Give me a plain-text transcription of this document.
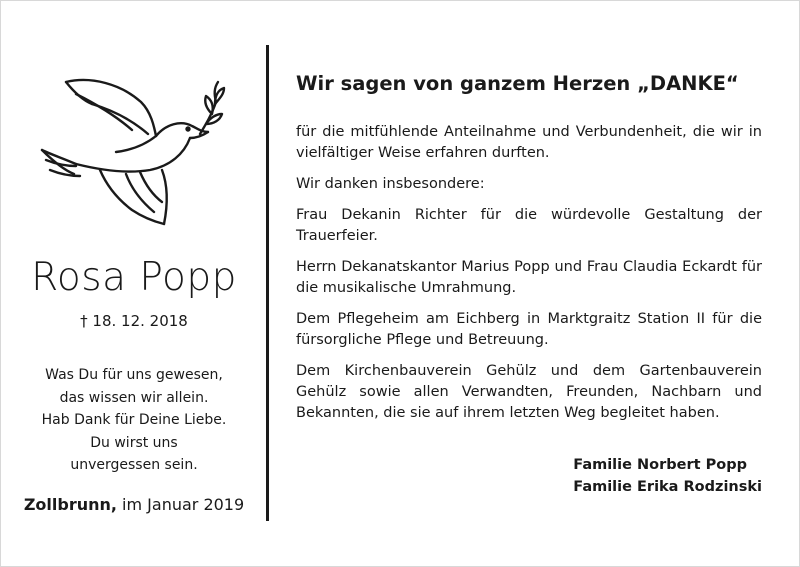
Rosa Popp
† 18. 12. 2018
Was Du für uns gewesen,
das wissen wir allein.
Hab Dank für Deine Liebe.
Du wirst uns
unvergessen sein.
Zollbrunn, im Januar 2019
Wir sagen von ganzem Herzen „DANKE“

für die mitfühlende Anteilnahme und Verbundenheit, die wir in vielfältiger Weise erfahren durften.

Wir danken insbesondere:

Frau Dekanin Richter für die würdevolle Gestaltung der Trauerfeier.

Herrn Dekanatskantor Marius Popp und Frau Claudia Eckardt für die musikalische Umrahmung.

Dem Pflegeheim am Eichberg in Marktgraitz Station II für die fürsorgliche Pflege und Betreuung.

Dem Kirchenbauverein Gehülz und dem Gartenbauverein Gehülz sowie allen Verwandten, Freunden, Nachbarn und Bekannten, die sie auf ihrem letzten Weg begleitet haben.

Familie Norbert Popp
Familie Erika Rodzinski
